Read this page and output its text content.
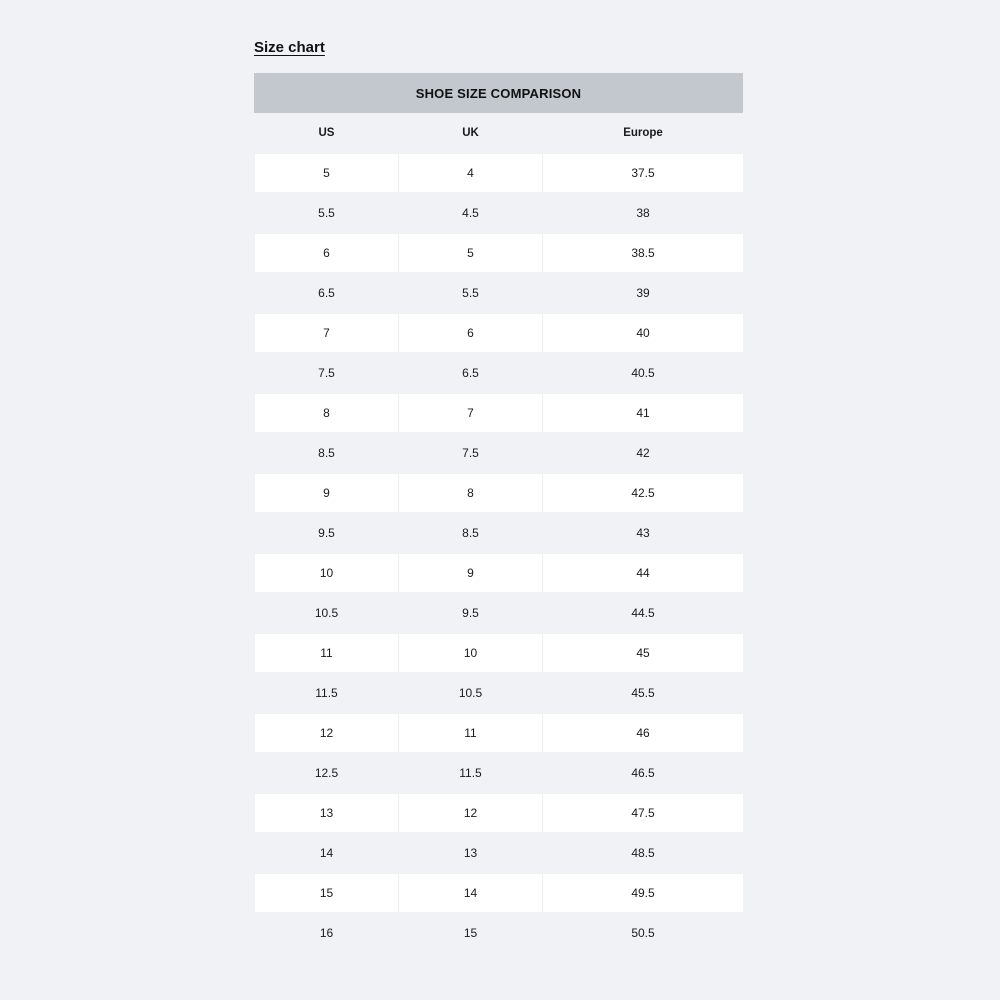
Size chart
SHOE SIZE COMPARISON
US	UK	Europe
5	4	37.5
5.5	4.5	38
6	5	38.5
6.5	5.5	39
7	6	40
7.5	6.5	40.5
8	7	41
8.5	7.5	42
9	8	42.5
9.5	8.5	43
10	9	44
10.5	9.5	44.5
11	10	45
11.5	10.5	45.5
12	11	46
12.5	11.5	46.5
13	12	47.5
14	13	48.5
15	14	49.5
16	15	50.5
